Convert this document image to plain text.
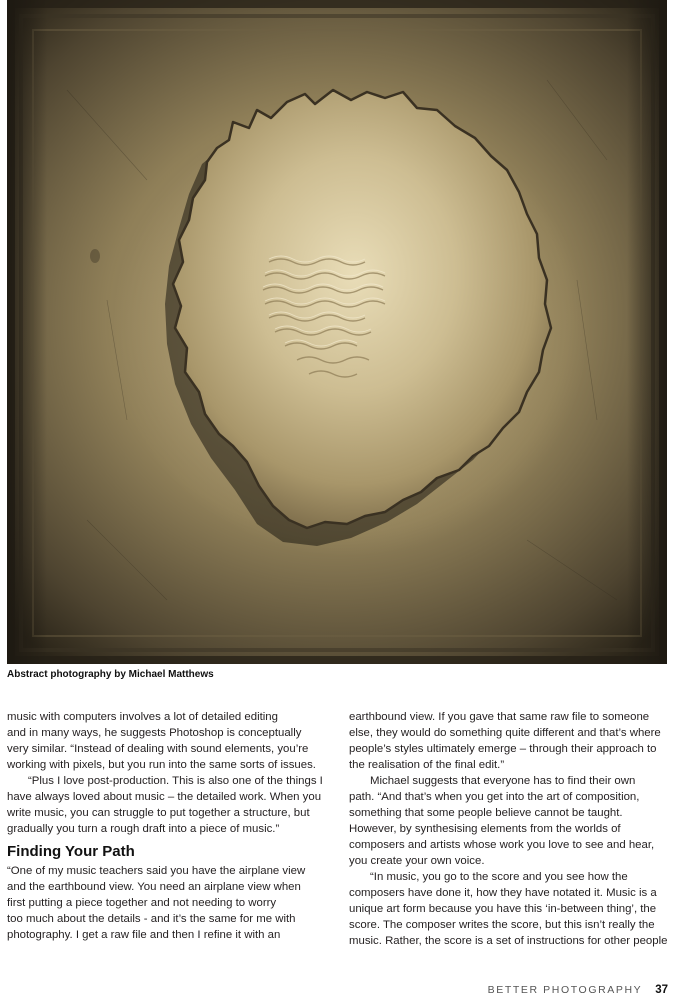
Abstract photography by Michael Matthews
music with computers involves a lot of detailed editing
and in many ways, he suggests Photoshop is conceptually
very similar. “Instead of dealing with sound elements, you’re
working with pixels, but you run into the same sorts of issues.
“Plus I love post-production. This is also one of the things I
have always loved about music – the detailed work. When you
write music, you can struggle to put together a structure, but
gradually you turn a rough draft into a piece of music.”
Finding Your Path
“One of my music teachers said you have the airplane view
and the earthbound view. You need an airplane view when
first putting a piece together and not needing to worry
too much about the details - and it’s the same for me with
photography. I get a raw file and then I refine it with an
earthbound view. If you gave that same raw file to someone
else, they would do something quite different and that’s where
people’s styles ultimately emerge – through their approach to
the realisation of the final edit.”
Michael suggests that everyone has to find their own
path. “And that’s when you get into the art of composition,
something that some people believe cannot be taught.
However, by synthesising elements from the worlds of
composers and artists whose work you love to see and hear,
you create your own voice.
“In music, you go to the score and you see how the
composers have done it, how they have notated it. Music is a
unique art form because you have this ‘in-between thing’, the
score. The composer writes the score, but this isn’t really the
music. Rather, the score is a set of instructions for other people
BETTER PHOTOGRAPHY 37
